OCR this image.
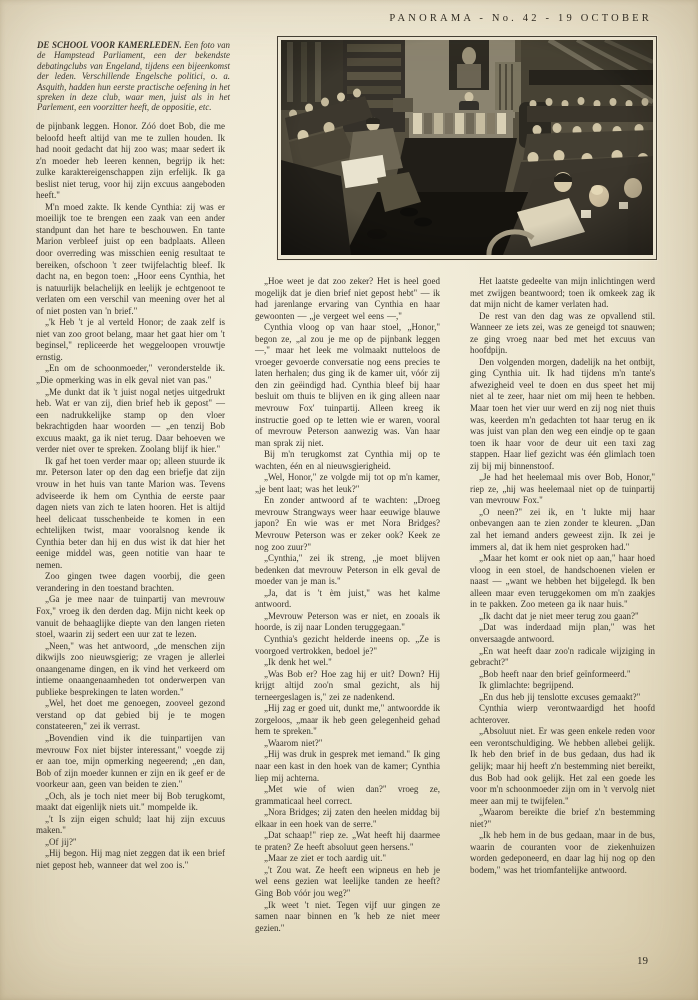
PANORAMA - No. 42 - 19 OCTOBER
DE SCHOOL VOOR KAMERLEDEN. Een foto van de Hampstead Parliament, een der bekendste debatingclubs van Engeland, tijdens een bijeenkomst der leden. Verschillende Engelsche politici, o. a. Asquith, hadden hun eerste practische oefening in het spreken in deze club, waar men, juist als in het Parlement, een voorzitter heeft, de oppositie, etc.

de pijnbank leggen. Honor. Zóó doet Bob, die me beloofd heeft altijd van me te zullen houden. Ik had nooit gedacht dat hij zoo was; maar sedert ik z'n moeder heb leeren kennen, begrijp ik het: zulke karaktereigenschappen zijn erfelijk. Ik ga beslist niet terug, voor hij zijn excuus aangeboden heeft."

M'n moed zakte. Ik kende Cynthia: zij was er moeilijk toe te brengen een zaak van een ander standpunt dan het hare te beschouwen. En tante Marion verbleef juist op een badplaats. Alleen door overreding was misschien eenig resultaat te bereiken, ofschoon 't zeer twijfelachtig bleef. Ik dacht na, en begon toen: „Hoor eens Cynthia, het is natuurlijk belachelijk en leelijk je echtgenoot te verlaten om een verschil van meening over het al of niet posten van 'n brief."

„'k Heb 't je al verteld Honor; de zaak zelf is niet van zoo groot belang, maar het gaat hier om 't beginsel," repliceerde het weggeloopen vrouwtje ernstig.

„En om de schoonmoeder," veronderstelde ik. „Die opmerking was in elk geval niet van pas."

„Me dunkt dat ik 't juist nogal netjes uitgedrukt heb. Wat er van zij, dien brief heb ik gepost" — een nadrukkelijke stamp op den vloer bekrachtigden haar woorden — „en tenzij Bob excuus maakt, ga ik niet terug. Daar behoeven we verder niet over te spreken. Zoolang blijf ik hier."

Ik gaf het toen verder maar op; alleen stuurde ik mr. Peterson later op den dag een briefje dat zijn vrouw in het huis van tante Marion was. Tevens adviseerde ik hem om Cynthia de eerste paar dagen niets van zich te laten hooren. Het is altijd heel delicaat tusschenbeide te komen in een echtelijken twist, maar vooralsnog kende ik Cynthia beter dan hij en dus wist ik dat hier het eenige middel was, geen notitie van haar te nemen.

Zoo gingen twee dagen voorbij, die geen verandering in den toestand brachten.

„Ga je mee naar de tuinpartij van mevrouw Fox," vroeg ik den derden dag. Mijn nicht keek op vanuit de behaaglijke diepte van den langen rieten stoel, waarin zij sedert een uur zat te lezen.

„Neen," was het antwoord, „de menschen zijn dikwijls zoo nieuwsgierig; ze vragen je allerlei onaangename dingen, en ik vind het verkeerd om intieme onaangenaamheden tot onderwerpen van publieke besprekingen te laten worden."

„Wel, het doet me genoegen, zooveel gezond verstand op dat gebied bij je te mogen constateeren," zei ik verrast.

„Bovendien vind ik die tuinpartijen van mevrouw Fox niet bijster interessant," voegde zij er aan toe, mijn opmerking negeerend; „en dan, Bob of zijn moeder kunnen er zijn en ik geef er de voorkeur aan, geen van beiden te zien."

„Och, als je toch niet meer bij Bob terugkomt, maakt dat eigenlijk niets uit." mompelde ik.

„'t Is zijn eigen schuld; laat hij zijn excuus maken."

„Of jij?"

„Hij begon. Hij mag niet zeggen dat ik een brief niet gepost heb, wanneer dat wel zoo is."

„Hoe weet je dat zoo zeker? Het is heel goed mogelijk dat je dien brief niet gepost hebt" — ik had jarenlange ervaring van Cynthia en haar gewoonten — „je vergeet wel eens —,"

Cynthia vloog op van haar stoel, „Honor," begon ze, „al zou je me op de pijnbank leggen —," maar het leek me volmaakt nutteloos de vroeger gevoerde conversatie nog eens precies te laten herhalen; dus ging ik de kamer uit, vóór zij den zin geëindigd had. Cynthia bleef bij haar besluit om thuis te blijven en ik ging alleen naar mevrouw Fox' tuinpartij. Alleen kreeg ik instructie goed op te letten wie er waren, vooral of mevrouw Peterson aanwezig was. Van haar man sprak zij niet.

Bij m'n terugkomst zat Cynthia mij op te wachten, één en al nieuwsgierigheid.

„Wel, Honor," ze volgde mij tot op m'n kamer, „je bent laat; was het leuk?"

En zonder antwoord af te wachten: „Droeg mevrouw Strangways weer haar eeuwige blauwe japon? En wie was er met Nora Bridges? Mevrouw Peterson was er zeker ook? Keek ze nog zoo zuur?"

„Cynthia," zei ik streng, „je moet blijven bedenken dat mevrouw Peterson in elk geval de moeder van je man is."

„Ja, dat is 't èm juist," was het kalme antwoord.

„Mevrouw Peterson was er niet, en zooals ik hoorde, is zij naar Londen teruggegaan."

Cynthia's gezicht helderde ineens op. „Ze is voorgoed vertrokken, bedoel je?"

„Ik denk het wel."

„Was Bob er? Hoe zag hij er uit? Down? Hij krijgt altijd zoo'n smal gezicht, als hij terneergeslagen is," zei ze nadenkend.

„Hij zag er goed uit, dunkt me," antwoordde ik zorgeloos, „maar ik heb geen gelegenheid gehad hem te spreken."

„Waarom niet?"

„Hij was druk in gesprek met iemand." Ik ging naar een kast in den hoek van de kamer; Cynthia liep mij achterna.

„Met wie of wien dan?" vroeg ze, grammaticaal heel correct.

„Nora Bridges; zij zaten den heelen middag bij elkaar in een hoek van de serre."

„Dat schaap!" riep ze. „Wat heeft hij daarmee te praten? Ze heeft absoluut geen hersens."

„Maar ze ziet er toch aardig uit."

„'t Zou wat. Ze heeft een wipneus en heb je wel eens gezien wat leelijke tanden ze heeft? Ging Bob vóór jou weg?"

„Ik weet 't niet. Tegen vijf uur gingen ze samen naar binnen en 'k heb ze niet meer gezien."

Het laatste gedeelte van mijn inlichtingen werd met zwijgen beantwoord; toen ik omkeek zag ik dat mijn nicht de kamer verlaten had.

De rest van den dag was ze opvallend stil. Wanneer ze iets zei, was ze geneigd tot snauwen; ze ging vroeg naar bed met het excuus van hoofdpijn.

Den volgenden morgen, dadelijk na het ontbijt, ging Cynthia uit. Ik had tijdens m'n tante's afwezigheid veel te doen en dus speet het mij niet al te zeer, haar niet om mij heen te hebben. Maar toen het vier uur werd en zij nog niet thuis was, keerden m'n gedachten tot haar terug en ik was juist van plan den weg een eindje op te gaan toen ik haar voor de deur uit een taxi zag stappen. Haar lief gezicht was één glimlach toen zij bij mij binnenstoof.

„Je had het heelemaal mis over Bob, Honor," riep ze, „hij was heelemaal niet op de tuinpartij van mevrouw Fox."

„O neen?" zei ik, en 't lukte mij haar onbevangen aan te zien zonder te kleuren. „Dan zal het iemand anders geweest zijn. Ik zei je immers al, dat ik hem niet gesproken had."

„Maar het komt er ook niet op aan," haar hoed vloog in een stoel, de handschoenen vielen er naast — „want we hebben het bijgelegd. Ik ben alleen maar even teruggekomen om m'n zaakjes in te pakken. Zoo meteen ga ik naar huis."

„Ik dacht dat je niet meer terug zou gaan?"

„Dat was inderdaad mijn plan," was het onversaagde antwoord.

„En wat heeft daar zoo'n radicale wijziging in gebracht?"

„Bob heeft naar den brief geïnformeerd."

Ik glimlachte: begrijpend.

„En dus heb jij tenslotte excuses gemaakt?"

Cynthia wierp verontwaardigd het hoofd achterover.

„Absoluut niet. Er was geen enkele reden voor een verontschuldiging. We hebben allebei gelijk. Ik heb den brief in de bus gedaan, dus had ik gelijk; maar hij heeft z'n bestemming niet bereikt, dus Bob had ook gelijk. Het zal een goede les voor m'n schoonmoeder zijn om in 't vervolg niet meer aan mij te twijfelen."

„Waarom bereikte die brief z'n bestemming niet?"

„Ik heb hem in de bus gedaan, maar in de bus, waarin de couranten voor de ziekenhuizen worden gedeponeerd, en daar lag hij nog op den bodem," was het triomfantelijke antwoord.

19
